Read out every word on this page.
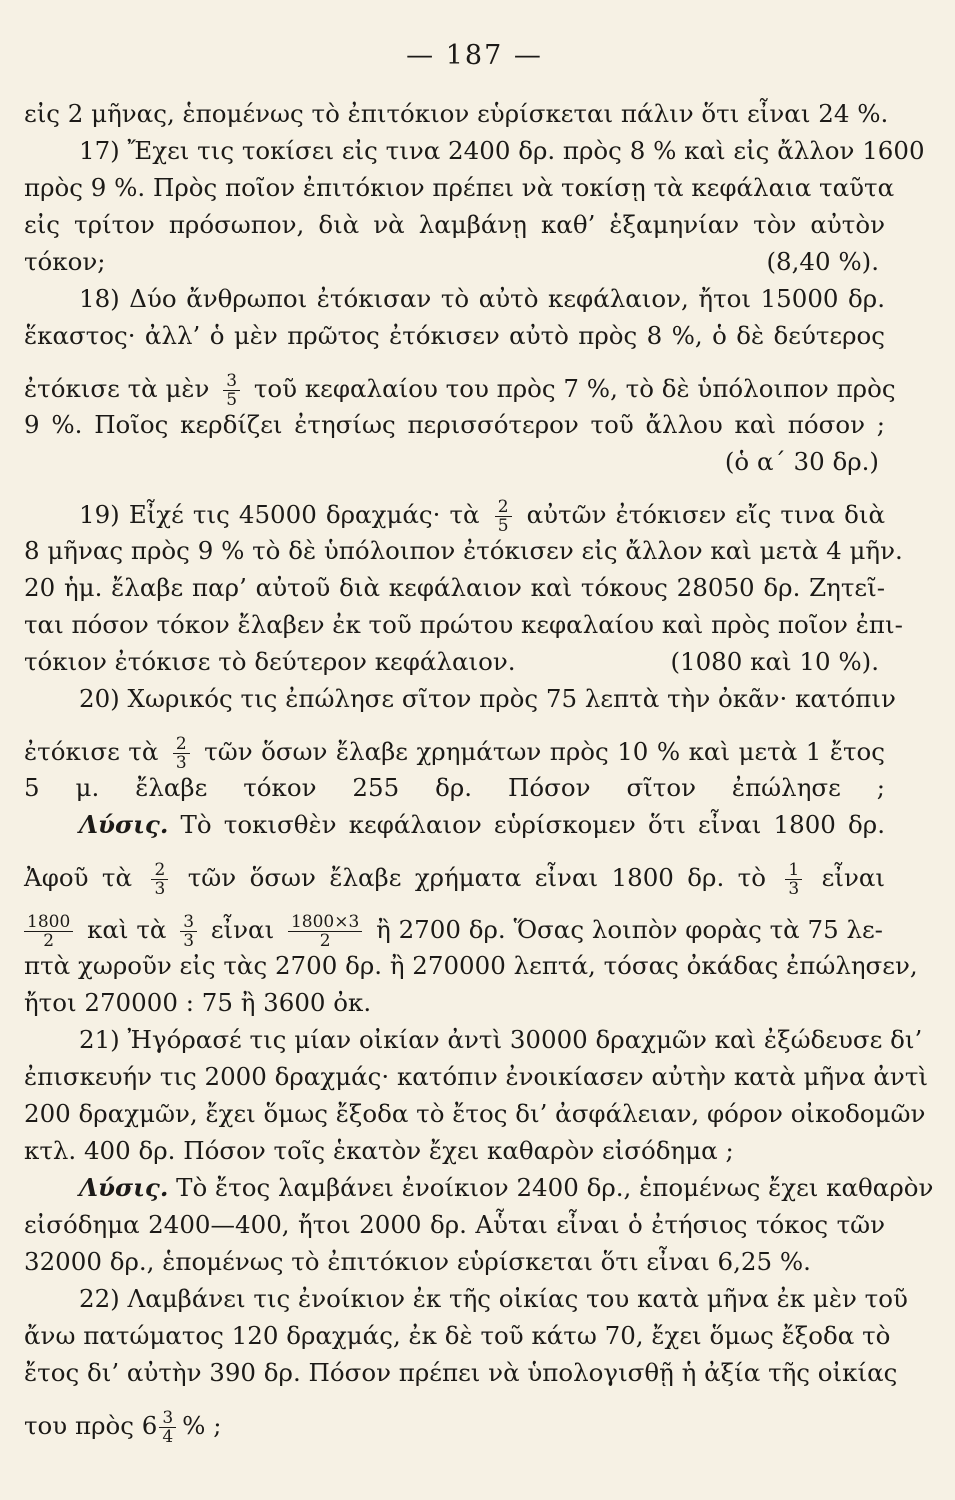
— 187 —
εἰς 2 μῆνας, ἑπομένως τὸ ἐπιτόκιον εὑρίσκεται πάλιν ὅτι εἶναι 24 %.
17) Ἔχει τις τοκίσει εἰς τινα 2400 δρ. πρὸς 8 % καὶ εἰς ἄλλον 1600
πρὸς 9 %. Πρὸς ποῖον ἐπιτόκιον πρέπει νὰ τοκίσῃ τὰ κεφάλαια ταῦτα
εἰς τρίτον πρόσωπον, διὰ νὰ λαμβάνῃ καθ’ ἑξαμηνίαν τὸν αὐτὸν
τόκον;	(8,40 %).
18) Δύο ἄνθρωποι ἐτόκισαν τὸ αὐτὸ κεφάλαιον, ἤτοι 15000 δρ.
ἕκαστος· ἀλλ’ ὁ μὲν πρῶτος ἐτόκισεν αὐτὸ πρὸς 8 %, ὁ δὲ δεύτερος
ἐτόκισε τὰ μὲν $\frac{3}{5}$ τοῦ κεφαλαίου του πρὸς 7 %, τὸ δὲ ὑπόλοιπον πρὸς
9 %. Ποῖος κερδίζει ἐτησίως περισσότερον τοῦ ἄλλου καὶ πόσον ;
(ὁ α΄ 30 δρ.)
19) Εἶχέ τις 45000 δραχμάς· τὰ $\frac{2}{5}$ αὐτῶν ἐτόκισεν εἴς τινα διὰ
8 μῆνας πρὸς 9 % τὸ δὲ ὑπόλοιπον ἐτόκισεν εἰς ἄλλον καὶ μετὰ 4 μῆν.
20 ἡμ. ἔλαβε παρ’ αὐτοῦ διὰ κεφάλαιον καὶ τόκους 28050 δρ. Ζητεῖ-
ται πόσον τόκον ἔλαβεν ἐκ τοῦ πρώτου κεφαλαίου καὶ πρὸς ποῖον ἐπι-
τόκιον ἐτόκισε τὸ δεύτερον κεφάλαιον.	(1080 καὶ 10 %).
20) Χωρικός τις ἐπώλησε σῖτον πρὸς 75 λεπτὰ τὴν ὀκᾶν· κατόπιν
ἐτόκισε τὰ $\frac{2}{3}$ τῶν ὅσων ἔλαβε χρημάτων πρὸς 10 % καὶ μετὰ 1 ἔτος
5 μ. ἔλαβε τόκον 255 δρ. Πόσον σῖτον ἐπώλησε ;
Λύσις. Τὸ τοκισθὲν κεφάλαιον εὑρίσκομεν ὅτι εἶναι 1800 δρ.
Ἀφοῦ τὰ $\frac{2}{3}$ τῶν ὅσων ἔλαβε χρήματα εἶναι 1800 δρ. τὸ $\frac{1}{3}$ εἶναι
$\frac{1800}{2}$ καὶ τὰ $\frac{3}{3}$ εἶναι $\frac{1800\times 3}{2}$ ἢ 2700 δρ. Ὅσας λοιπὸν φορὰς τὰ 75 λε-
πτὰ χωροῦν εἰς τὰς 2700 δρ. ἢ 270000 λεπτά, τόσας ὀκάδας ἐπώλησεν,
ἤτοι 270000 : 75 ἢ 3600 ὀκ.
21) Ἠγόρασέ τις μίαν οἰκίαν ἀντὶ 30000 δραχμῶν καὶ ἐξώδευσε δι’
ἐπισκευήν τις 2000 δραχμάς· κατόπιν ἐνοικίασεν αὐτὴν κατὰ μῆνα ἀντὶ
200 δραχμῶν, ἔχει ὅμως ἔξοδα τὸ ἔτος δι’ ἀσφάλειαν, φόρον οἰκοδομῶν
κτλ. 400 δρ. Πόσον τοῖς ἑκατὸν ἔχει καθαρὸν εἰσόδημα ;
Λύσις. Τὸ ἔτος λαμβάνει ἐνοίκιον 2400 δρ., ἑπομένως ἔχει καθαρὸν
εἰσόδημα 2400—400, ἤτοι 2000 δρ. Αὗται εἶναι ὁ ἐτήσιος τόκος τῶν
32000 δρ., ἑπομένως τὸ ἐπιτόκιον εὑρίσκεται ὅτι εἶναι 6,25 %.
22) Λαμβάνει τις ἐνοίκιον ἐκ τῆς οἰκίας του κατὰ μῆνα ἐκ μὲν τοῦ
ἄνω πατώματος 120 δραχμάς, ἐκ δὲ τοῦ κάτω 70, ἔχει ὅμως ἔξοδα τὸ
ἔτος δι’ αὐτὴν 390 δρ. Πόσον πρέπει νὰ ὑπολογισθῇ ἡ ἀξία τῆς οἰκίας
του πρὸς $6 \frac{3}{4}$ % ;
